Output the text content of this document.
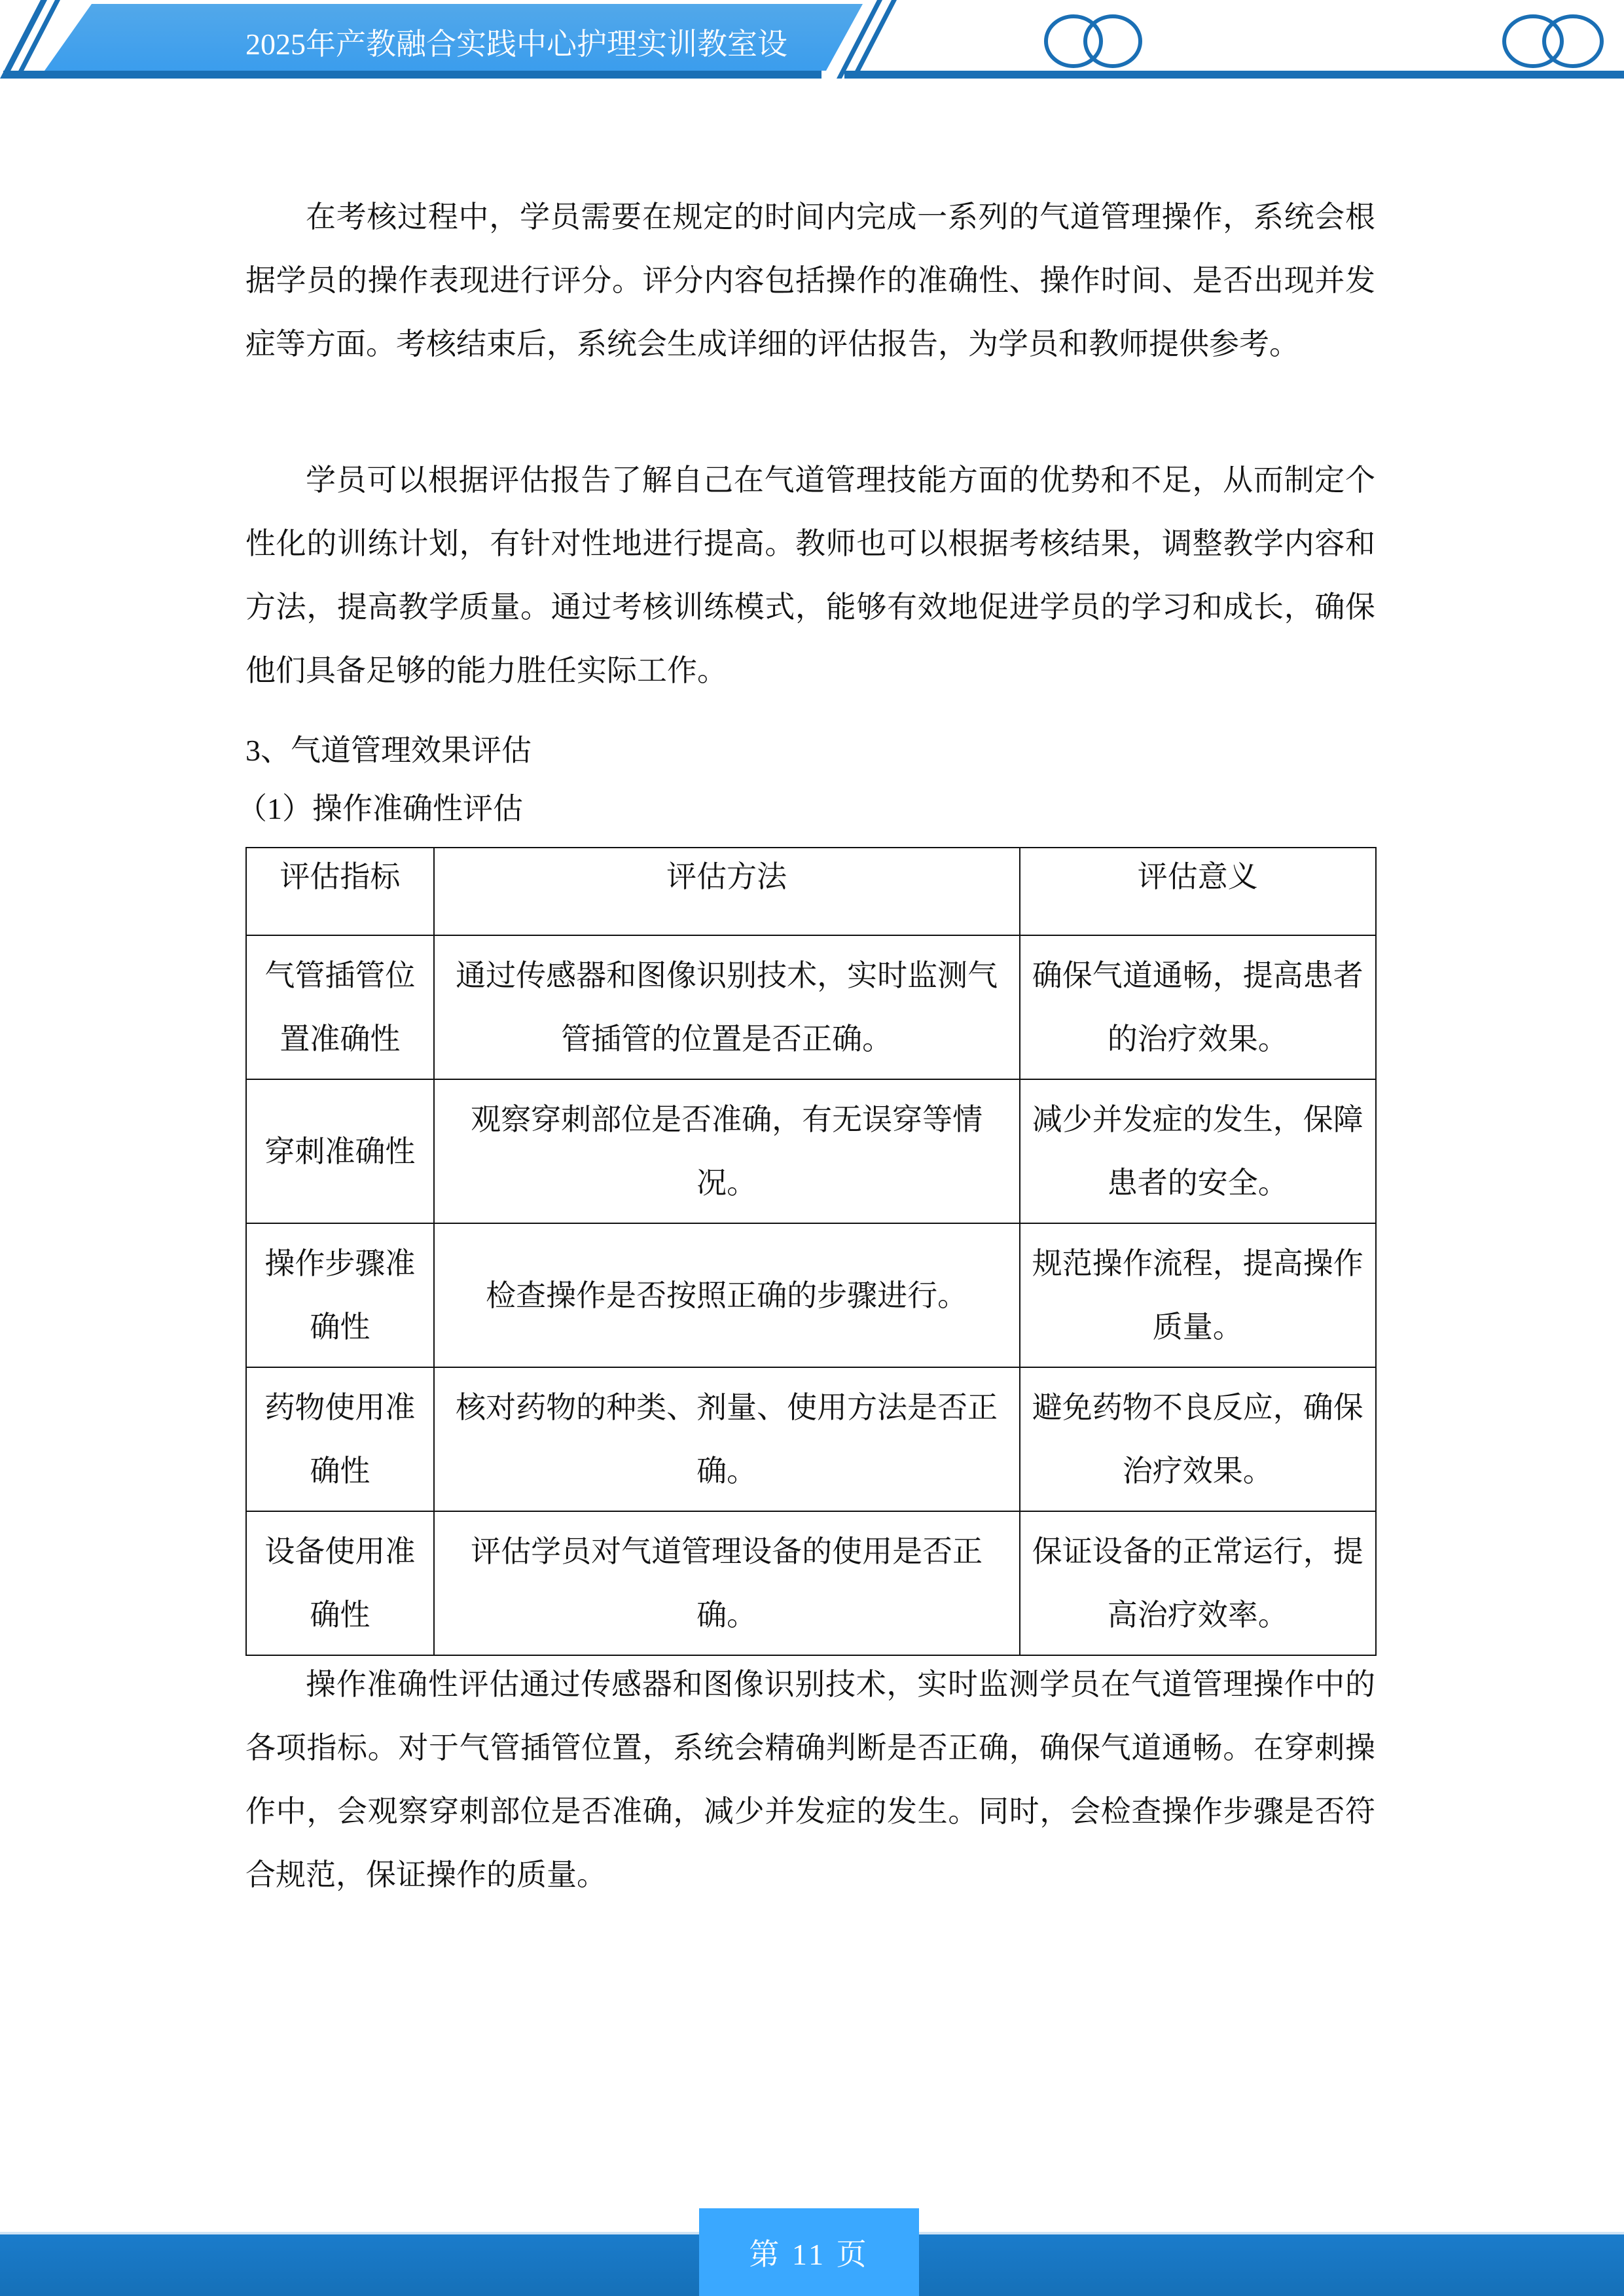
2025年产教融合实践中心护理实训教室设

在考核过程中，学员需要在规定的时间内完成一系列的气道管理操作，系统会根据学员的操作表现进行评分。评分内容包括操作的准确性、操作时间、是否出现并发症等方面。考核结束后，系统会生成详细的评估报告，为学员和教师提供参考。

学员可以根据评估报告了解自己在气道管理技能方面的优势和不足，从而制定个性化的训练计划，有针对性地进行提高。教师也可以根据考核结果，调整教学内容和方法，提高教学质量。通过考核训练模式，能够有效地促进学员的学习和成长，确保他们具备足够的能力胜任实际工作。

3、气道管理效果评估

（1）操作准确性评估

评估指标	评估方法	评估意义
气管插管位置准确性	通过传感器和图像识别技术，实时监测气管插管的位置是否正确。	确保气道通畅，提高患者的治疗效果。
穿刺准确性	观察穿刺部位是否准确，有无误穿等情况。	减少并发症的发生，保障患者的安全。
操作步骤准确性	检查操作是否按照正确的步骤进行。	规范操作流程，提高操作质量。
药物使用准确性	核对药物的种类、剂量、使用方法是否正确。	避免药物不良反应，确保治疗效果。
设备使用准确性	评估学员对气道管理设备的使用是否正确。	保证设备的正常运行，提高治疗效率。

操作准确性评估通过传感器和图像识别技术，实时监测学员在气道管理操作中的各项指标。对于气管插管位置，系统会精确判断是否正确，确保气道通畅。在穿刺操作中，会观察穿刺部位是否准确，减少并发症的发生。同时，会检查操作步骤是否符合规范，保证操作的质量。

第 11 页
